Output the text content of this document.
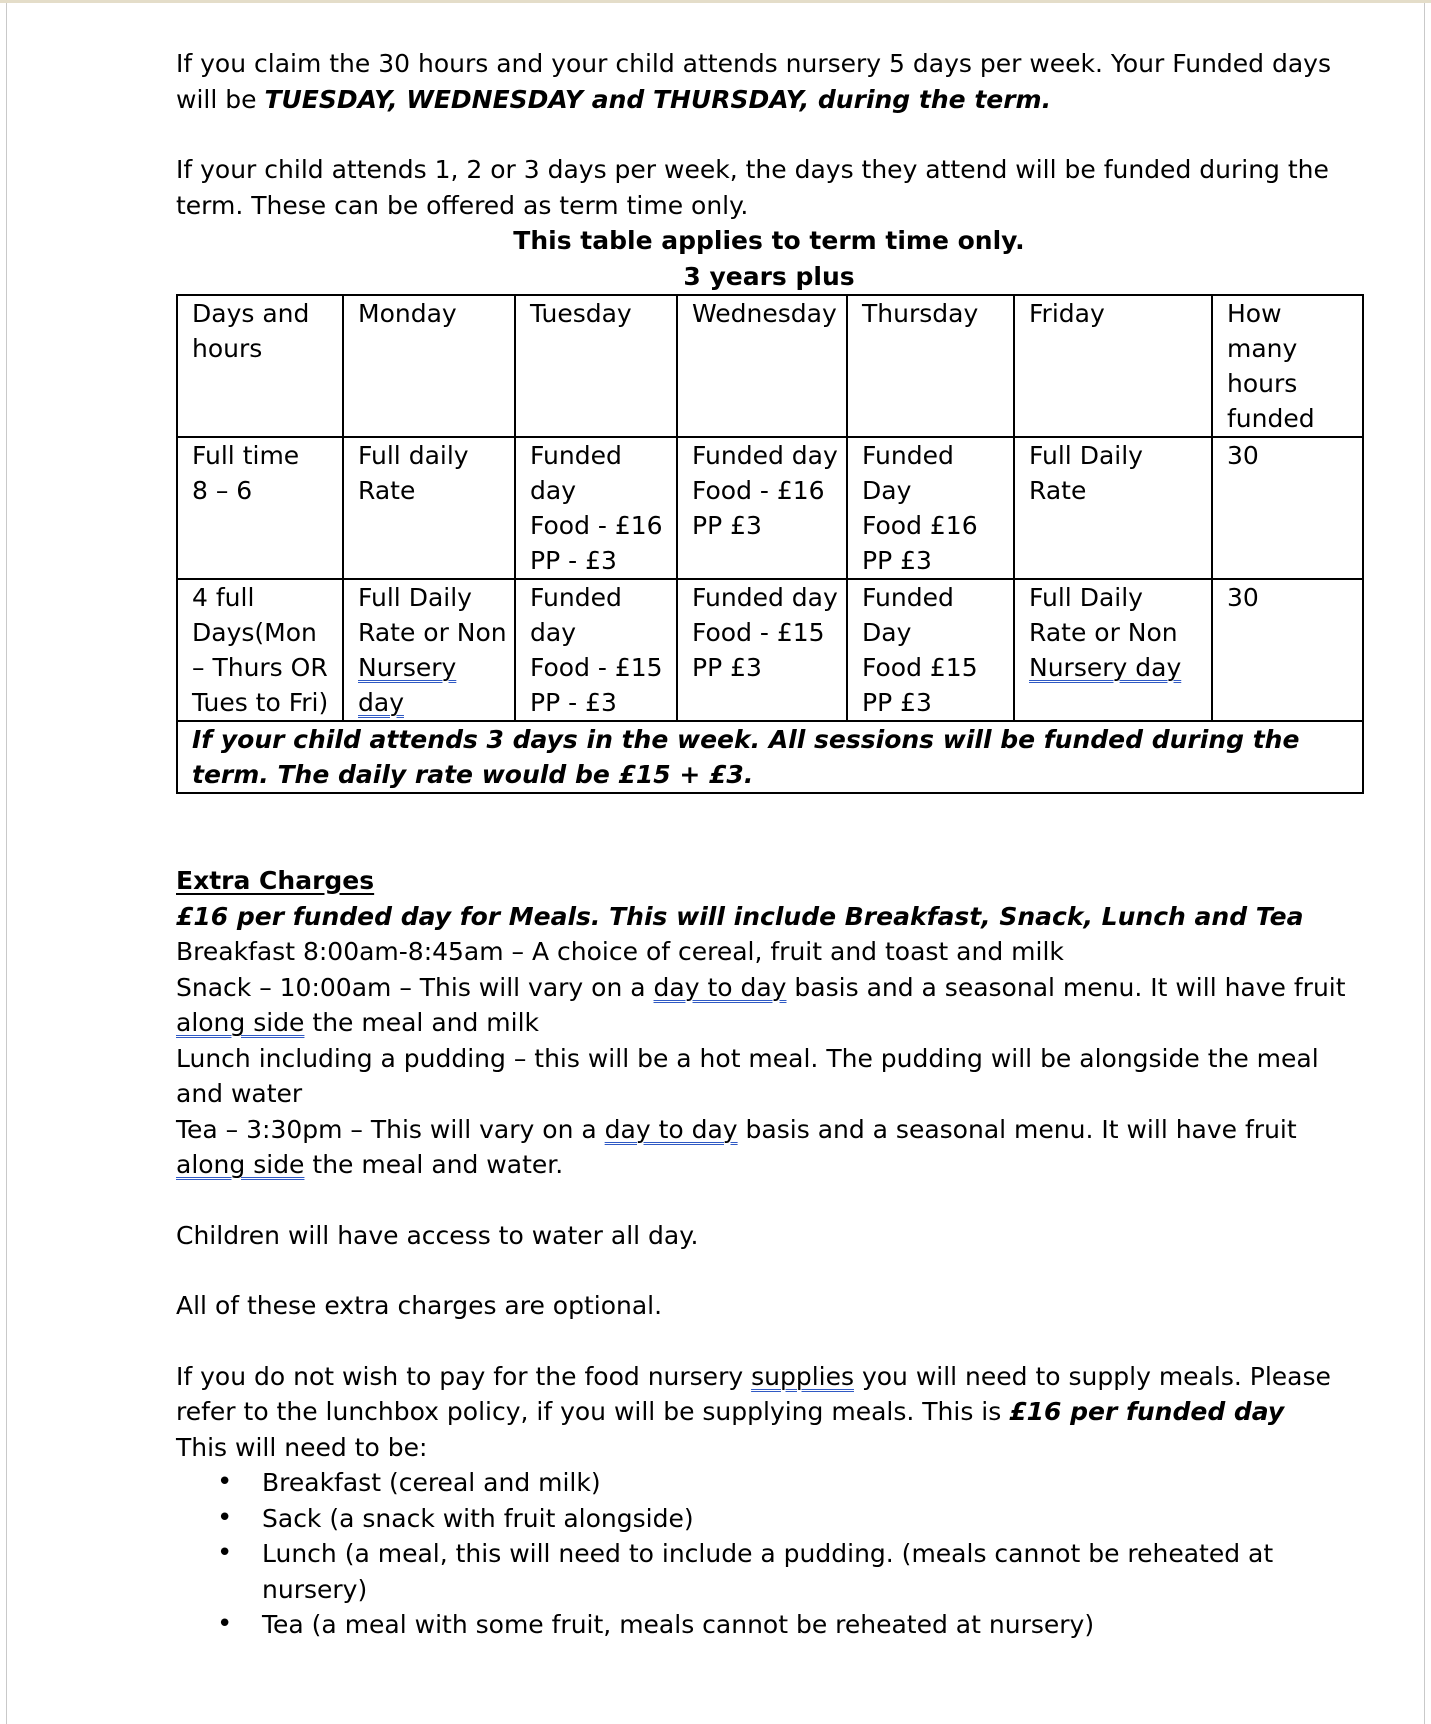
If you claim the 30 hours and your child attends nursery 5 days per week. Your Funded days will be TUESDAY, WEDNESDAY and THURSDAY, during the term.

If your child attends 1, 2 or 3 days per week, the days they attend will be funded during the term. These can be offered as term time only.

This table applies to term time only.

3 years plus

Days and
hours	Monday	Tuesday	Wednesday	Thursday	Friday	How
many
hours
funded

Full time
8 – 6	Full daily
Rate	Funded
day
Food - £16
PP - £3	Funded day
Food - £16
PP £3	Funded
Day
Food £16
PP £3	Full Daily
Rate	30

4 full
Days(Mon
– Thurs OR
Tues to Fri)	Full Daily
Rate or Non
Nursery
day	Funded
day
Food - £15
PP - £3	Funded day
Food - £15
PP £3	Funded
Day
Food £15
PP £3	Full Daily
Rate or Non
Nursery day	30
If your child attends 3 days in the week. All sessions will be funded during the term. The daily rate would be £15 + £3.						

Extra Charges

£16 per funded day for Meals. This will include Breakfast, Snack, Lunch and Tea

Breakfast 8:00am-8:45am – A choice of cereal, fruit and toast and milk

Snack – 10:00am – This will vary on a day to day basis and a seasonal menu. It will have fruit along side the meal and milk

Lunch including a pudding – this will be a hot meal. The pudding will be alongside the meal and water

Tea – 3:30pm – This will vary on a day to day basis and a seasonal menu. It will have fruit along side the meal and water.

Children will have access to water all day.

All of these extra charges are optional.

If you do not wish to pay for the food nursery supplies you will need to supply meals. Please refer to the lunchbox policy, if you will be supplying meals. This is £16 per funded day

This will need to be:

• Breakfast (cereal and milk)
• Sack (a snack with fruit alongside)
• Lunch (a meal, this will need to include a pudding. (meals cannot be reheated at nursery)
• Tea (a meal with some fruit, meals cannot be reheated at nursery)
